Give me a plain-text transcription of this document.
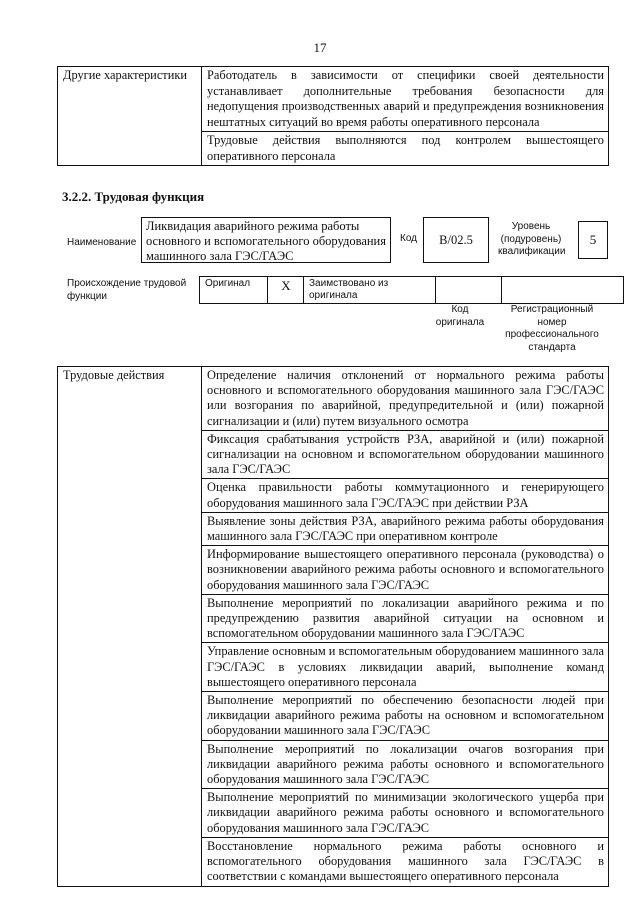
17
Другие характеристики	Работодатель в зависимости от специфики своей деятельности устанавливает дополнительные требования безопасности для недопущения производственных аварий и предупреждения возникновения нештатных ситуаций во время работы оперативного персонала
Трудовые действия выполняются под контролем вышестоящего оперативного персонала
3.2.2. Трудовая функция
Наименование
Ликвидация аварийного режима работы основного и вспомогательного оборудования машинного зала ГЭС/ГАЭС
Код	B/02.5
Уровень (подуровень) квалификации
5
Происхождение трудовой функции
Оригинал	X	Заимствовано из оригинала		
Код оригинала
Регистрационный номер профессионального стандарта
Трудовые действия	Определение наличия отклонений от нормального режима работы основного и вспомогательного оборудования машинного зала ГЭС/ГАЭС или возгорания по аварийной, предупредительной и (или) пожарной сигнализации и (или) путем визуального осмотра
Фиксация срабатывания устройств РЗА, аварийной и (или) пожарной сигнализации на основном и вспомогательном оборудовании машинного зала ГЭС/ГАЭС
Оценка правильности работы коммутационного и генерирующего оборудования машинного зала ГЭС/ГАЭС при действии РЗА
Выявление зоны действия РЗА, аварийного режима работы оборудования машинного зала ГЭС/ГАЭС при оперативном контроле
Информирование вышестоящего оперативного персонала (руководства) о возникновении аварийного режима работы основного и вспомогательного оборудования машинного зала ГЭС/ГАЭС
Выполнение мероприятий по локализации аварийного режима и по предупреждению развития аварийной ситуации на основном и вспомогательном оборудовании машинного зала ГЭС/ГАЭС
Управление основным и вспомогательным оборудованием машинного зала ГЭС/ГАЭС в условиях ликвидации аварий, выполнение команд вышестоящего оперативного персонала
Выполнение мероприятий по обеспечению безопасности людей при ликвидации аварийного режима работы на основном и вспомогательном оборудовании машинного зала ГЭС/ГАЭС
Выполнение мероприятий по локализации очагов возгорания при ликвидации аварийного режима работы основного и вспомогательного оборудования машинного зала ГЭС/ГАЭС
Выполнение мероприятий по минимизации экологического ущерба при ликвидации аварийного режима работы основного и вспомогательного оборудования машинного зала ГЭС/ГАЭС
Восстановление нормального режима работы основного и вспомогательного оборудования машинного зала ГЭС/ГАЭС в соответствии с командами вышестоящего оперативного персонала
